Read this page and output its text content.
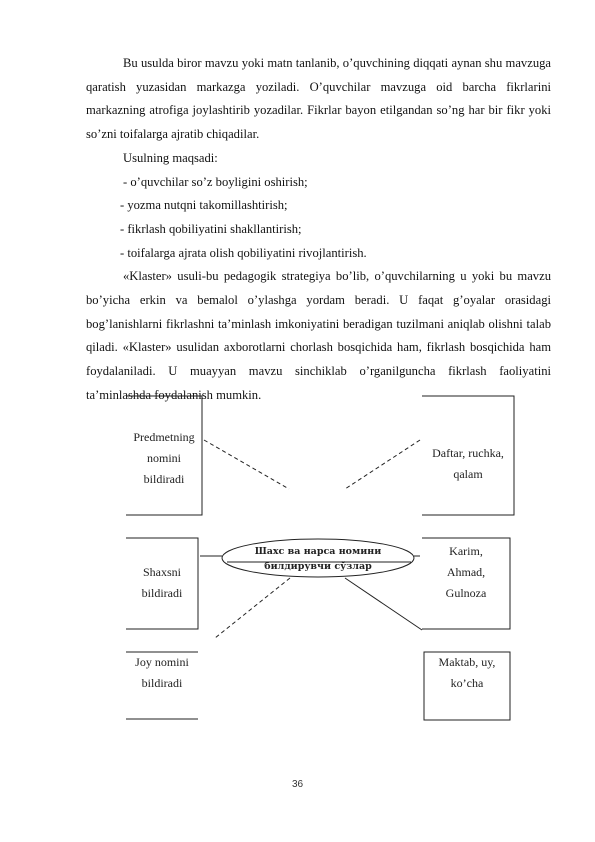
Bu usulda biror mavzu yoki matn tanlanib, o’quvchining diqqati aynan shu mavzuga qaratish yuzasidan markazga yoziladi. O’quvchilar mavzuga oid barcha fikrlarini markazning atrofiga joylashtirib yozadilar. Fikrlar bayon etilgandan so’ng har bir fikr yoki so’zni toifalarga ajratib chiqadilar.

Usulning maqsadi:

- o’quvchilar so’z boyligini oshirish;

- yozma nutqni takomillashtirish;

- fikrlash qobiliyatini shakllantirish;

- toifalarga ajrata olish qobiliyatini rivojlantirish.

«Klaster» usuli-bu pedagogik strategiya bo’lib, o’quvchilarning u yoki bu mavzu bo’yicha erkin va bemalol o’ylashga yordam beradi. U faqat g’oyalar orasidagi bog’lanishlarni fikrlashni ta’minlash imkoniyatini beradigan tuzilmani aniqlab olishni talab qiladi. «Klaster» usulidan axborotlarni chorlash bosqichida ham, fikrlash bosqichida ham foydalaniladi. U muayyan mavzu sinchiklab o’rganilguncha fikrlash faoliyatini ta’minlashda foydalanish mumkin.

Predmetning
nomini
bildiradi
Daftar, ruchka,
qalam
Shaxsni
bildiradi
Karim,
Ahmad,
Gulnoza
Joy nomini
bildiradi
Maktab, uy,
ko’cha
Шахс ва нарса номини
билдирувчи сўзлар
36
